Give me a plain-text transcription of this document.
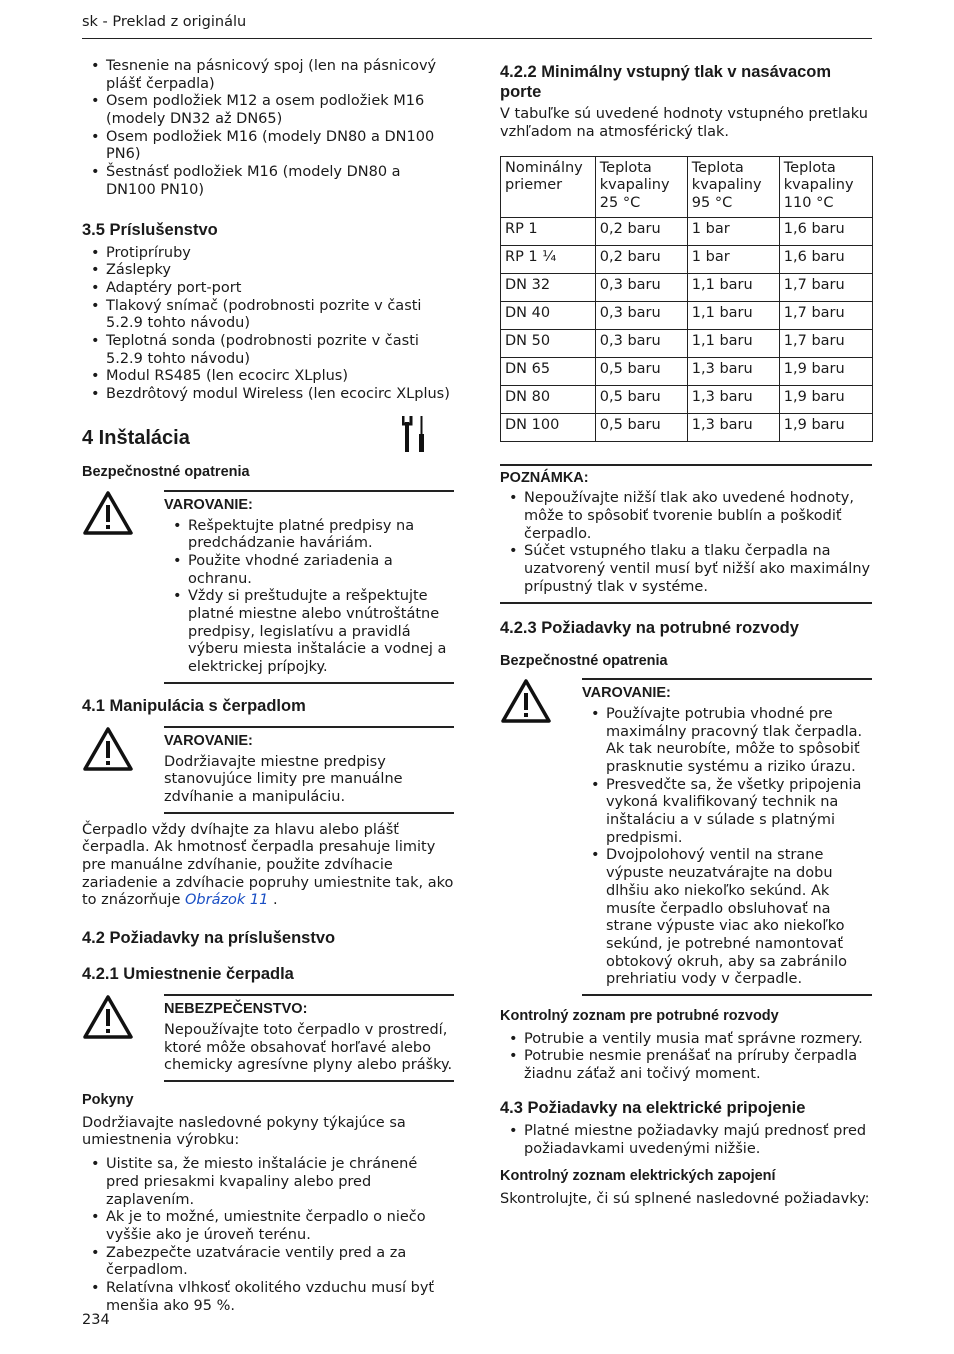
sk - Preklad z originálu
• Tesnenie na pásnicový spoj (len na pásnicový plášť čerpadla)
• Osem podložiek M12 a osem podložiek M16 (modely DN32 až DN65)
• Osem podložiek M16 (modely DN80 a DN100 PN6)
• Šestnásť podložiek M16 (modely DN80 a DN100 PN10)
3.5 Príslušenstvo
• Protipríruby
• Záslepky
• Adaptéry port-port
• Tlakový snímač (podrobnosti pozrite v časti 5.2.9 tohto návodu)
• Teplotná sonda (podrobnosti pozrite v časti 5.2.9 tohto návodu)
• Modul RS485 (len ecocirc XLplus)
• Bezdrôtový modul Wireless (len ecocirc XLplus)
4 Inštalácia
Bezpečnostné opatrenia
VAROVANIE:
• Rešpektujte platné predpisy na predchádzanie haváriám.
• Použite vhodné zariadenia a ochranu.
• Vždy si preštudujte a rešpektujte platné miestne alebo vnútroštátne predpisy, legislatívu a pravidlá výberu miesta inštalácie a vodnej a elektrickej prípojky.
4.1 Manipulácia s čerpadlom
VAROVANIE:
Dodržiavajte miestne predpisy stanovujúce limity pre manuálne zdvíhanie a manipuláciu.

Čerpadlo vždy dvíhajte za hlavu alebo plášť čerpadla. Ak hmotnosť čerpadla presahuje limity pre manuálne zdvíhanie, použite zdvíhacie zariadenie a zdvíhacie popruhy umiestnite tak, ako to znázorňuje Obrázok 11 .

4.2 Požiadavky na príslušenstvo
4.2.1 Umiestnenie čerpadla
NEBEZPEČENSTVO:
Nepoužívajte toto čerpadlo v prostredí, ktoré môže obsahovať horľavé alebo chemicky agresívne plyny alebo prášky.
Pokyny
Dodržiavajte nasledovné pokyny týkajúce sa umiestnenia výrobku:
• Uistite sa, že miesto inštalácie je chránené pred priesakmi kvapaliny alebo pred zaplavením.
• Ak je to možné, umiestnite čerpadlo o niečo vyššie ako je úroveň terénu.
• Zabezpečte uzatváracie ventily pred a za čerpadlom.
• Relatívna vlhkosť okolitého vzduchu musí byť menšia ako 95 %.
4.2.2 Minimálny vstupný tlak v nasávacom porte
V tabuľke sú uvedené hodnoty vstupného pretlaku vzhľadom na atmosférický tlak.
Nominálny priemer	Teplota kvapaliny 25 °C	Teplota kvapaliny 95 °C	Teplota kvapaliny 110 °C
RP 1	0,2 baru	1 bar	1,6 baru
RP 1 ¼	0,2 baru	1 bar	1,6 baru
DN 32	0,3 baru	1,1 baru	1,7 baru
DN 40	0,3 baru	1,1 baru	1,7 baru
DN 50	0,3 baru	1,1 baru	1,7 baru
DN 65	0,5 baru	1,3 baru	1,9 baru
DN 80	0,5 baru	1,3 baru	1,9 baru
DN 100	0,5 baru	1,3 baru	1,9 baru
POZNÁMKA:
• Nepoužívajte nižší tlak ako uvedené hodnoty, môže to spôsobiť tvorenie bublín a poškodiť čerpadlo.
• Súčet vstupného tlaku a tlaku čerpadla na uzatvorený ventil musí byť nižší ako maximálny prípustný tlak v systéme.
4.2.3 Požiadavky na potrubné rozvody
Bezpečnostné opatrenia
VAROVANIE:
• Používajte potrubia vhodné pre maximálny pracovný tlak čerpadla. Ak tak neurobíte, môže to spôsobiť prasknutie systému a riziko úrazu.
• Presvedčte sa, že všetky pripojenia vykoná kvalifikovaný technik na inštaláciu a v súlade s platnými predpismi.
• Dvojpolohový ventil na strane výpuste neuzatvárajte na dobu dlhšiu ako niekoľko sekúnd. Ak musíte čerpadlo obsluhovať na strane výpuste viac ako niekoľko sekúnd, je potrebné namontovať obtokový okruh, aby sa zabránilo prehriatiu vody v čerpadle.
Kontrolný zoznam pre potrubné rozvody
• Potrubie a ventily musia mať správne rozmery.
• Potrubie nesmie prenášať na príruby čerpadla žiadnu záťaž ani točivý moment.
4.3 Požiadavky na elektrické pripojenie
• Platné miestne požiadavky majú prednosť pred požiadavkami uvedenými nižšie.
Kontrolný zoznam elektrických zapojení
Skontrolujte, či sú splnené nasledovné požiadavky:
234
